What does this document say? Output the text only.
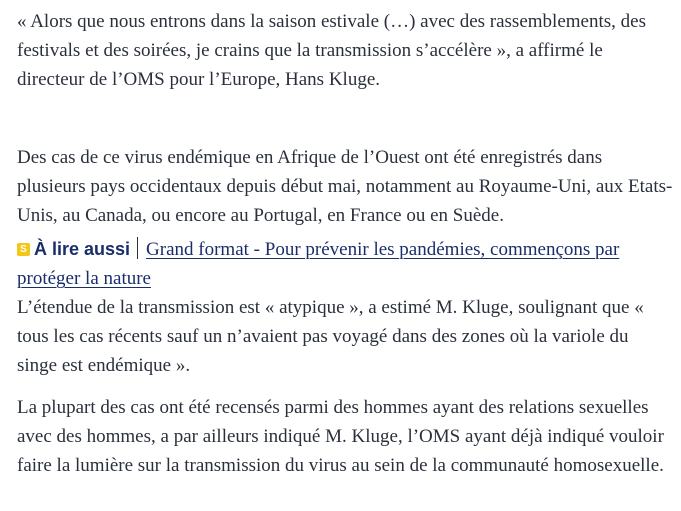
« Alors que nous entrons dans la saison estivale (…) avec des rassemblements, des festivals et des soirées, je crains que la transmission s’accélère », a affirmé le directeur de l’OMS pour l’Europe, Hans Kluge.

Des cas de ce virus endémique en Afrique de l’Ouest ont été enregistrés dans plusieurs pays occidentaux depuis début mai, notamment au Royaume-Uni, aux Etats-Unis, au Canada, ou encore au Portugal, en France ou en Suède.

S À lire aussi Grand format - Pour prévenir les pandémies, commençons par protéger la nature

L’étendue de la transmission est « atypique », a estimé M. Kluge, soulignant que « tous les cas récents sauf un n’avaient pas voyagé dans des zones où la variole du singe est endémique ».

La plupart des cas ont été recensés parmi des hommes ayant des relations sexuelles avec des hommes, a par ailleurs indiqué M. Kluge, l’OMS ayant déjà indiqué vouloir faire la lumière sur la transmission du virus au sein de la communauté homosexuelle.
